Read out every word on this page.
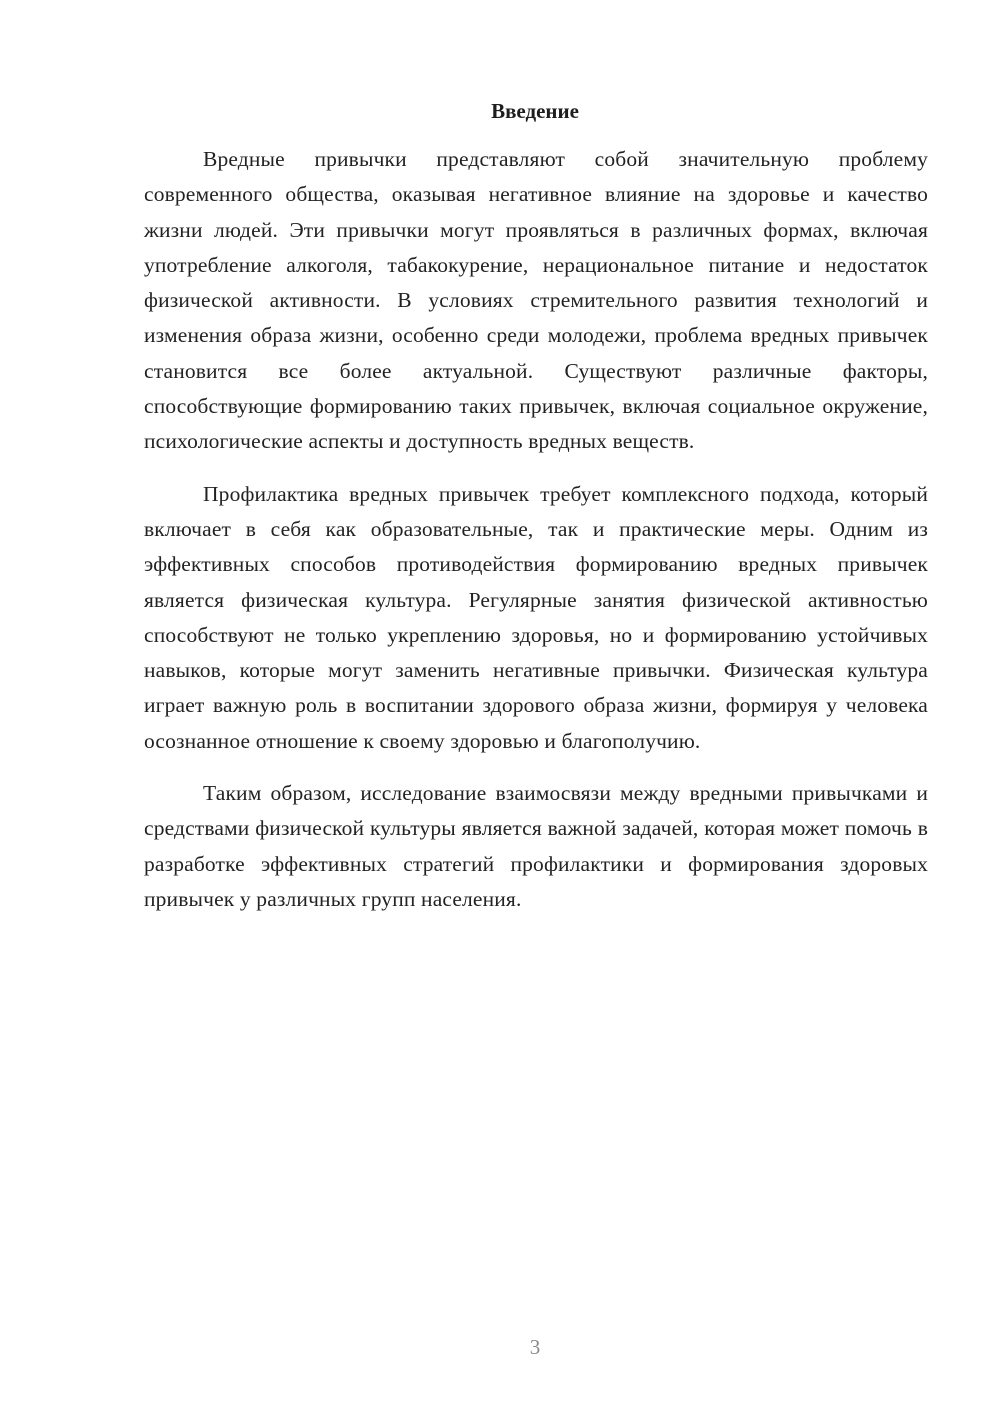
Введение

Вредные привычки представляют собой значительную проблему современного общества, оказывая негативное влияние на здоровье и качество жизни людей. Эти привычки могут проявляться в различных формах, включая употребление алкоголя, табакокурение, нерациональное питание и недостаток физической активности. В условиях стремительного развития технологий и изменения образа жизни, особенно среди молодежи, проблема вредных привычек становится все более актуальной. Существуют различные факторы, способствующие формированию таких привычек, включая социальное окружение, психологические аспекты и доступность вредных веществ.

Профилактика вредных привычек требует комплексного подхода, который включает в себя как образовательные, так и практические меры. Одним из эффективных способов противодействия формированию вредных привычек является физическая культура. Регулярные занятия физической активностью способствуют не только укреплению здоровья, но и формированию устойчивых навыков, которые могут заменить негативные привычки. Физическая культура играет важную роль в воспитании здорового образа жизни, формируя у человека осознанное отношение к своему здоровью и благополучию.

Таким образом, исследование взаимосвязи между вредными привычками и средствами физической культуры является важной задачей, которая может помочь в разработке эффективных стратегий профилактики и формирования здоровых привычек у различных групп населения.

3
